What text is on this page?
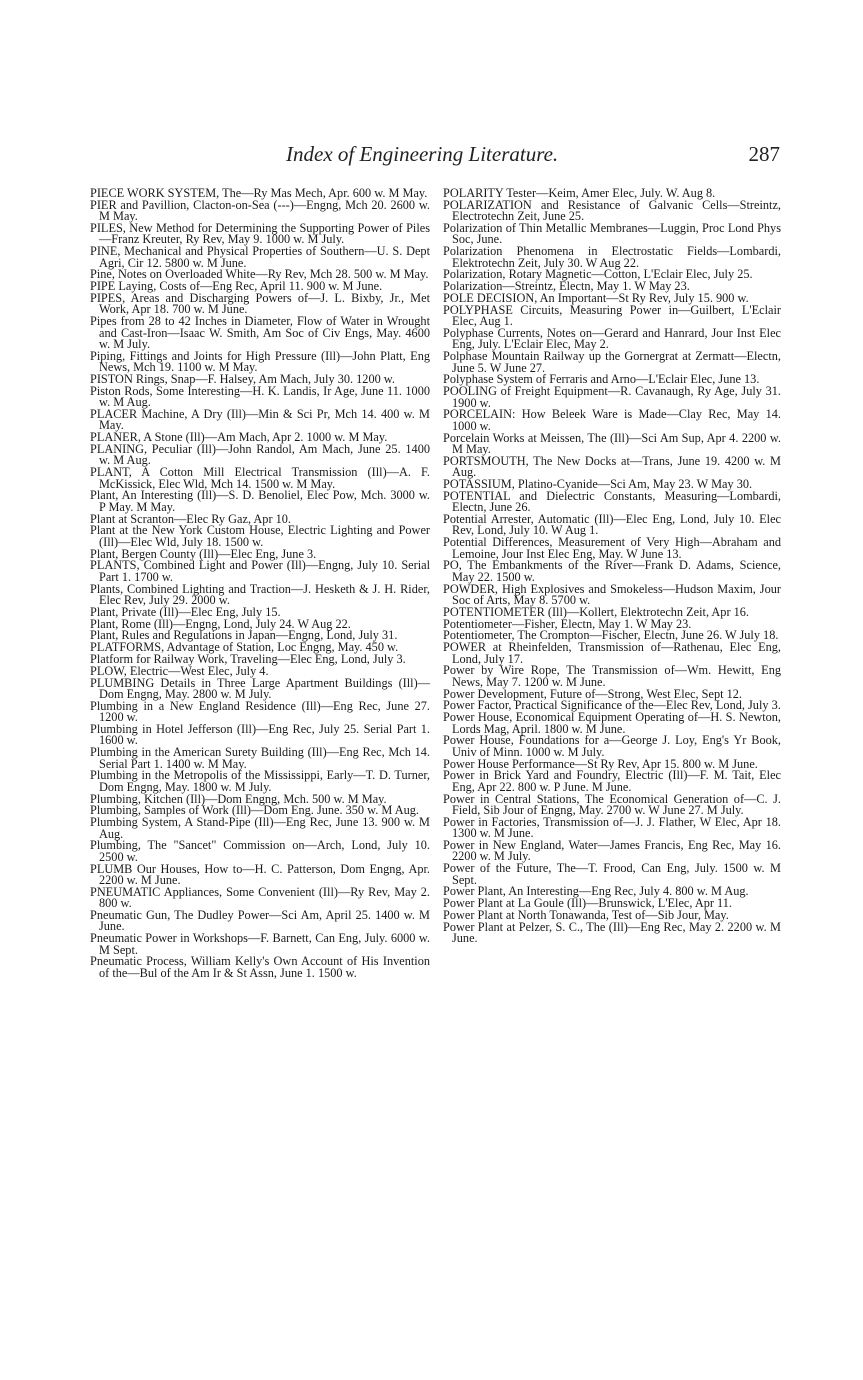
Index of Engineering Literature.	287

PIECE WORK SYSTEM, The—Ry Mas Mech, Apr. 600 w. M May.

PIER and Pavillion, Clacton-on-Sea (---)—Engng, Mch 20. 2600 w. M May.

PILES, New Method for Determining the Supporting Power of Piles—Franz Kreuter, Ry Rev, May 9. 1000 w. M July.

PINE, Mechanical and Physical Properties of Southern—U. S. Dept Agri, Cir 12. 5800 w. M June.

Pine, Notes on Overloaded White—Ry Rev, Mch 28. 500 w. M May.

PIPE Laying, Costs of—Eng Rec, April 11. 900 w. M June.

PIPES, Areas and Discharging Powers of—J. L. Bixby, Jr., Met Work, Apr 18. 700 w. M June.

Pipes from 28 to 42 Inches in Diameter, Flow of Water in Wrought and Cast-Iron—Isaac W. Smith, Am Soc of Civ Engs, May. 4600 w. M July.

Piping, Fittings and Joints for High Pressure (Ill)—John Platt, Eng News, Mch 19. 1100 w. M May.

PISTON Rings, Snap—F. Halsey, Am Mach, July 30. 1200 w.

Piston Rods, Some Interesting—H. K. Landis, Ir Age, June 11. 1000 w. M Aug.

PLACER Machine, A Dry (Ill)—Min & Sci Pr, Mch 14. 400 w. M May.

PLANER, A Stone (Ill)—Am Mach, Apr 2. 1000 w. M May.

PLANING, Peculiar (Ill)—John Randol, Am Mach, June 25. 1400 w. M Aug.

PLANT, A Cotton Mill Electrical Transmission (Ill)—A. F. McKissick, Elec Wld, Mch 14. 1500 w. M May.

Plant, An Interesting (Ill)—S. D. Benoliel, Elec Pow, Mch. 3000 w. P May. M May.

Plant at Scranton—Elec Ry Gaz, Apr 10.

Plant at the New York Custom House, Electric Lighting and Power (Ill)—Elec Wld, July 18. 1500 w.

Plant, Bergen County (Ill)—Elec Eng, June 3.

PLANTS, Combined Light and Power (Ill)—Engng, July 10. Serial Part 1. 1700 w.

Plants, Combined Lighting and Traction—J. Hesketh & J. H. Rider, Elec Rev, July 29. 2000 w.

Plant, Private (Ill)—Elec Eng, July 15.

Plant, Rome (Ill)—Engng, Lond, July 24. W Aug 22.

Plant, Rules and Regulations in Japan—Engng, Lond, July 31.

PLATFORMS, Advantage of Station, Loc Engng, May. 450 w.

Platform for Railway Work, Traveling—Elec Eng, Lond, July 3.

PLOW, Electric—West Elec, July 4.

PLUMBING Details in Three Large Apartment Buildings (Ill)—Dom Engng, May. 2800 w. M July.

Plumbing in a New England Residence (Ill)—Eng Rec, June 27. 1200 w.

Plumbing in Hotel Jefferson (Ill)—Eng Rec, July 25. Serial Part 1. 1600 w.

Plumbing in the American Surety Building (Ill)—Eng Rec, Mch 14. Serial Part 1. 1400 w. M May.

Plumbing in the Metropolis of the Mississippi, Early—T. D. Turner, Dom Engng, May. 1800 w. M July.

Plumbing, Kitchen (Ill)—Dom Engng, Mch. 500 w. M May.

Plumbing, Samples of Work (Ill)—Dom Eng. June. 350 w. M Aug.

Plumbing System, A Stand-Pipe (Ill)—Eng Rec, June 13. 900 w. M Aug.

Plumbing, The "Sancet" Commission on—Arch, Lond, July 10. 2500 w.

PLUMB Our Houses, How to—H. C. Patterson, Dom Engng, Apr. 2200 w. M June.

PNEUMATIC Appliances, Some Convenient (Ill)—Ry Rev, May 2. 800 w.

Pneumatic Gun, The Dudley Power—Sci Am, April 25. 1400 w. M June.

Pneumatic Power in Workshops—F. Barnett, Can Eng, July. 6000 w. M Sept.

Pneumatic Process, William Kelly's Own Account of His Invention of the—Bul of the Am Ir & St Assn, June 1. 1500 w.

POLARITY Tester—Keim, Amer Elec, July. W. Aug 8.

POLARIZATION and Resistance of Galvanic Cells—Streintz, Electrotechn Zeit, June 25.

Polarization of Thin Metallic Membranes—Luggin, Proc Lond Phys Soc, June.

Polarization Phenomena in Electrostatic Fields—Lombardi, Elektrotechn Zeit, July 30. W Aug 22.

Polarization, Rotary Magnetic—Cotton, L'Eclair Elec, July 25.

Polarization—Streintz, Electn, May 1. W May 23.

POLE DECISION, An Important—St Ry Rev, July 15. 900 w.

POLYPHASE Circuits, Measuring Power in—Guilbert, L'Eclair Elec, Aug 1.

Polyphase Currents, Notes on—Gerard and Hanrard, Jour Inst Elec Eng, July. L'Eclair Elec, May 2.

Polphase Mountain Railway up the Gornergrat at Zermatt—Electn, June 5. W June 27.

Polyphase System of Ferraris and Arno—L'Eclair Elec, June 13.

POOLING of Freight Equipment—R. Cavanaugh, Ry Age, July 31. 1900 w.

PORCELAIN: How Beleek Ware is Made—Clay Rec, May 14. 1000 w.

Porcelain Works at Meissen, The (Ill)—Sci Am Sup, Apr 4. 2200 w. M May.

PORTSMOUTH, The New Docks at—Trans, June 19. 4200 w. M Aug.

POTASSIUM, Platino-Cyanide—Sci Am, May 23. W May 30.

POTENTIAL and Dielectric Constants, Measuring—Lombardi, Electn, June 26.

Potential Arrester, Automatic (Ill)—Elec Eng, Lond, July 10. Elec Rev, Lond, July 10. W Aug 1.

Potential Differences, Measurement of Very High—Abraham and Lemoine, Jour Inst Elec Eng, May. W June 13.

PO, The Embankments of the River—Frank D. Adams, Science, May 22. 1500 w.

POWDER, High Explosives and Smokeless—Hudson Maxim, Jour Soc of Arts, May 8. 5700 w.

POTENTIOMETER (Ill)—Kollert, Elektrotechn Zeit, Apr 16.

Potentiometer—Fisher, Electn, May 1. W May 23.

Potentiometer, The Crompton—Fischer, Electn, June 26. W July 18.

POWER at Rheinfelden, Transmission of—Rathenau, Elec Eng, Lond, July 17.

Power by Wire Rope, The Transmission of—Wm. Hewitt, Eng News, May 7. 1200 w. M June.

Power Development, Future of—Strong, West Elec, Sept 12.

Power Factor, Practical Significance of the—Elec Rev, Lond, July 3.

Power House, Economical Equipment Operating of—H. S. Newton, Lords Mag, April. 1800 w. M June.

Power House, Foundations for a—George J. Loy, Eng's Yr Book, Univ of Minn. 1000 w. M July.

Power House Performance—St Ry Rev, Apr 15. 800 w. M June.

Power in Brick Yard and Foundry, Electric (Ill)—F. M. Tait, Elec Eng, Apr 22. 800 w. P June. M June.

Power in Central Stations, The Economical Generation of—C. J. Field, Sib Jour of Engng, May. 2700 w. W June 27. M July.

Power in Factories, Transmission of—J. J. Flather, W Elec, Apr 18. 1300 w. M June.

Power in New England, Water—James Francis, Eng Rec, May 16. 2200 w. M July.

Power of the Future, The—T. Frood, Can Eng, July. 1500 w. M Sept.

Power Plant, An Interesting—Eng Rec, July 4. 800 w. M Aug.

Power Plant at La Goule (Ill)—Brunswick, L'Elec, Apr 11.

Power Plant at North Tonawanda, Test of—Sib Jour, May.

Power Plant at Pelzer, S. C., The (Ill)—Eng Rec, May 2. 2200 w. M June.
